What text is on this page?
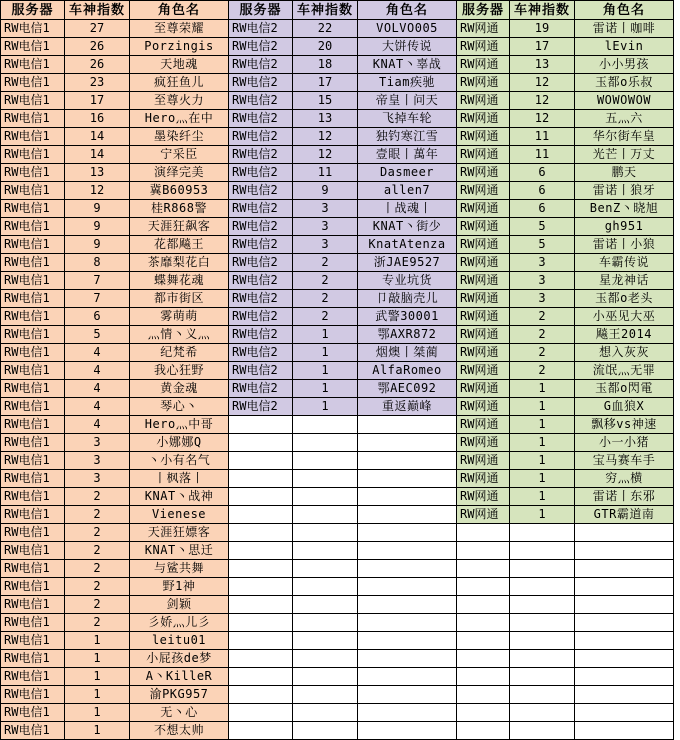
服务器	车神指数	角色名	服务器	车神指数	角色名	服务器	车神指数	角色名
RW电信1	27	至尊荣耀	RW电信2	22	VOLVO005	RW网通	19	雷诺丨咖啡
RW电信1	26	Porzingis	RW电信2	20	大饼传说	RW网通	17	lEvin
RW电信1	26	天地魂	RW电信2	18	KNAT丶辜战	RW网通	13	小小男孩
RW电信1	23	疯狂鱼儿	RW电信2	17	Tiam疾驰	RW网通	12	玉都o乐叔
RW电信1	17	至尊火力	RW电信2	15	帝皇丨问天	RW网通	12	WOWOWOW
RW电信1	16	Hero灬在中	RW电信2	13	飞掉车轮	RW网通	12	五灬六
RW电信1	14	墨染纤尘	RW电信2	12	独钓寒江雪	RW网通	11	华尔街车皇
RW电信1	14	宁采臣	RW电信2	12	壹眼丨萬年	RW网通	11	光芒丨万丈
RW电信1	13	演绎完美	RW电信2	11	Dasmeer	RW网通	6	鹏天
RW电信1	12	冀B60953	RW电信2	9	allen7	RW网通	6	雷诺丨狼牙
RW电信1	9	桂R868警	RW电信2	3	丨战魂丨	RW网通	6	BenZ丶晓旭
RW电信1	9	天涯狂飙客	RW电信2	3	KNAT丶街少	RW网通	5	gh951
RW电信1	9	花都飚王	RW电信2	3	KnatAtenza	RW网通	5	雷诺丨小狼
RW电信1	8	茶靡梨花白	RW电信2	2	浙JAE9527	RW网通	3	车霸传说
RW电信1	7	蝶舞花魂	RW电信2	2	专业坑货	RW网通	3	星龙神话
RW电信1	7	都市街区	RW电信2	2	卩敲脑壳儿	RW网通	3	玉都o老头
RW电信1	6	雾萌萌	RW电信2	2	武警30001	RW网通	2	小巫见大巫
RW电信1	5	灬情丶义灬	RW电信2	1	鄂AXR872	RW网通	2	飚王2014
RW电信1	4	纪梵希	RW电信2	1	烟燠丨桀蔺	RW网通	2	想入灰灰
RW电信1	4	我心狂野	RW电信2	1	AlfaRomeo	RW网通	2	流氓灬无罪
RW电信1	4	黄金魂	RW电信2	1	鄂AEC092	RW网通	1	玉都o閃電
RW电信1	4	琴心丶	RW电信2	1	重返巅峰	RW网通	1	G血狼X
RW电信1	4	Hero灬中哥				RW网通	1	飘移vs神速
RW电信1	3	小娜娜Q				RW网通	1	小一小猪
RW电信1	3	丶小有名气				RW网通	1	宝马赛车手
RW电信1	3	丨枫落丨				RW网通	1	穷灬横
RW电信1	2	KNAT丶战神				RW网通	1	雷诺丨东邪
RW电信1	2	Vienese				RW网通	1	GTR霸道南
RW电信1	2	天涯狂嫖客						
RW电信1	2	KNAT丶思迁						
RW电信1	2	与鲨共舞						
RW电信1	2	野1神						
RW电信1	2	剑颖						
RW电信1	2	彡娇灬儿彡						
RW电信1	1	leitu01						
RW电信1	1	小屁孩de梦						
RW电信1	1	A丶KilleR						
RW电信1	1	渝PKG957						
RW电信1	1	无丶心						
RW电信1	1	不想太帅						
